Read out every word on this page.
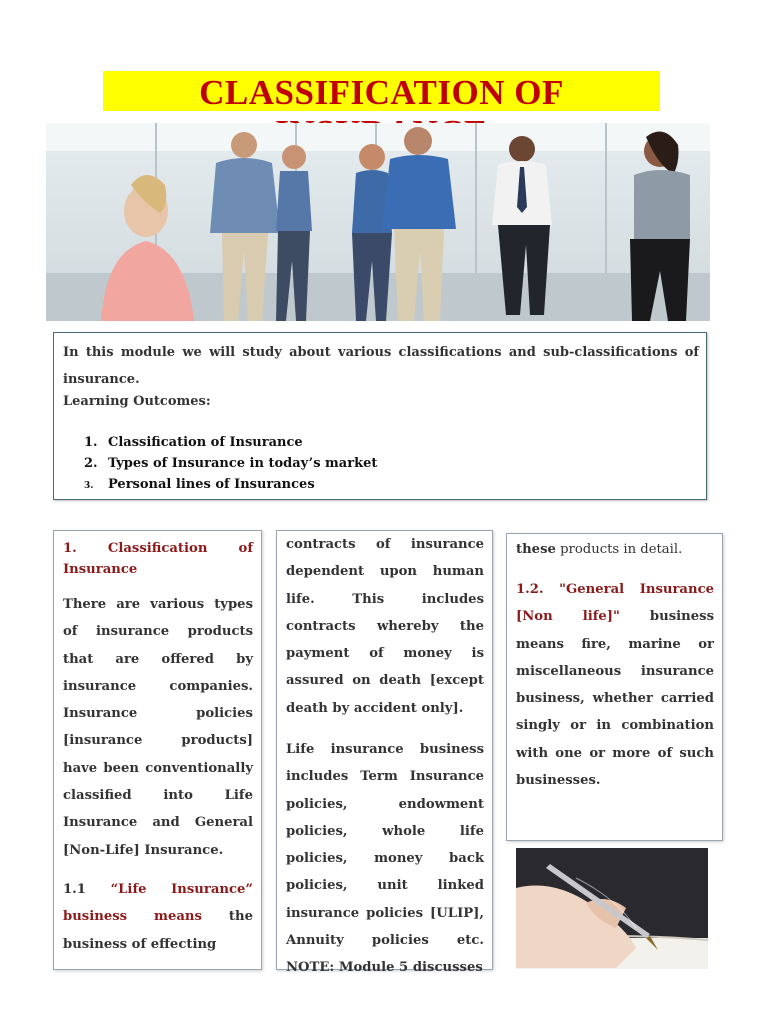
CLASSIFICATION OF
In this module we will study about various classifications and sub-classifications of insurance.
Learning Outcomes:
1. Classification of Insurance
2. Types of Insurance in today’s market
3. Personal lines of Insurances

1. Classification of Insurance

There are various types of insurance products that are offered by insurance companies. Insurance policies [insurance products] have been conventionally classified into Life Insurance and General [Non-Life] Insurance.

1.1 “Life Insurance” business means the business of effecting

contracts of insurance dependent upon human life. This includes contracts whereby the payment of money is assured on death [except death by accident only].

Life insurance business includes Term Insurance policies, endowment policies, whole life policies, money back policies, unit linked insurance policies [ULIP], Annuity policies etc. NOTE: Module 5 discusses

these products in detail.

1.2. "General Insurance [Non life]" business means fire, marine or miscellaneous insurance business, whether carried singly or in combination with one or more of such businesses.
